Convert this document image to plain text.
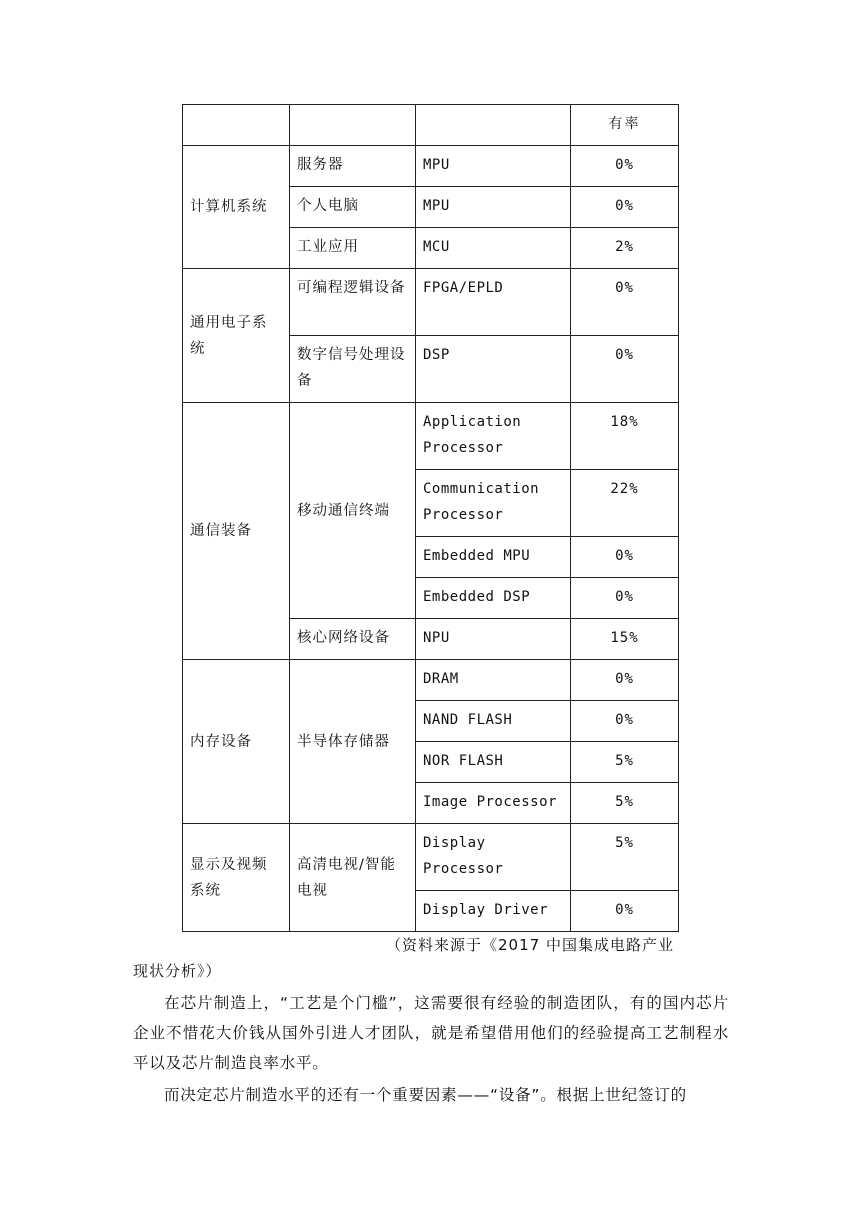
			有率
计算机系统	服务器	MPU	0%
	个人电脑	MPU	0%
	工业应用	MCU	2%
通用电子系统	可编程逻辑设备	FPGA/EPLD	0%
	数字信号处理设备	DSP	0%
通信装备	移动通信终端	Application Processor	18%
		Communication Processor	22%
		Embedded MPU	0%
		Embedded DSP	0%
	核心网络设备	NPU	15%
内存设备	半导体存储器	DRAM	0%
		NAND FLASH	0%
		NOR FLASH	5%
		Image Processor	5%
显示及视频系统	高清电视/智能电视	Display Processor	5%
		Display Driver	0%
（资料来源于《2017 中国集成电路产业
现状分析》）

在芯片制造上，“工艺是个门槛”，这需要很有经验的制造团队，有的国内芯片企业不惜花大价钱从国外引进人才团队，就是希望借用他们的经验提高工艺制程水平以及芯片制造良率水平。

而决定芯片制造水平的还有一个重要因素——“设备”。根据上世纪签订的
